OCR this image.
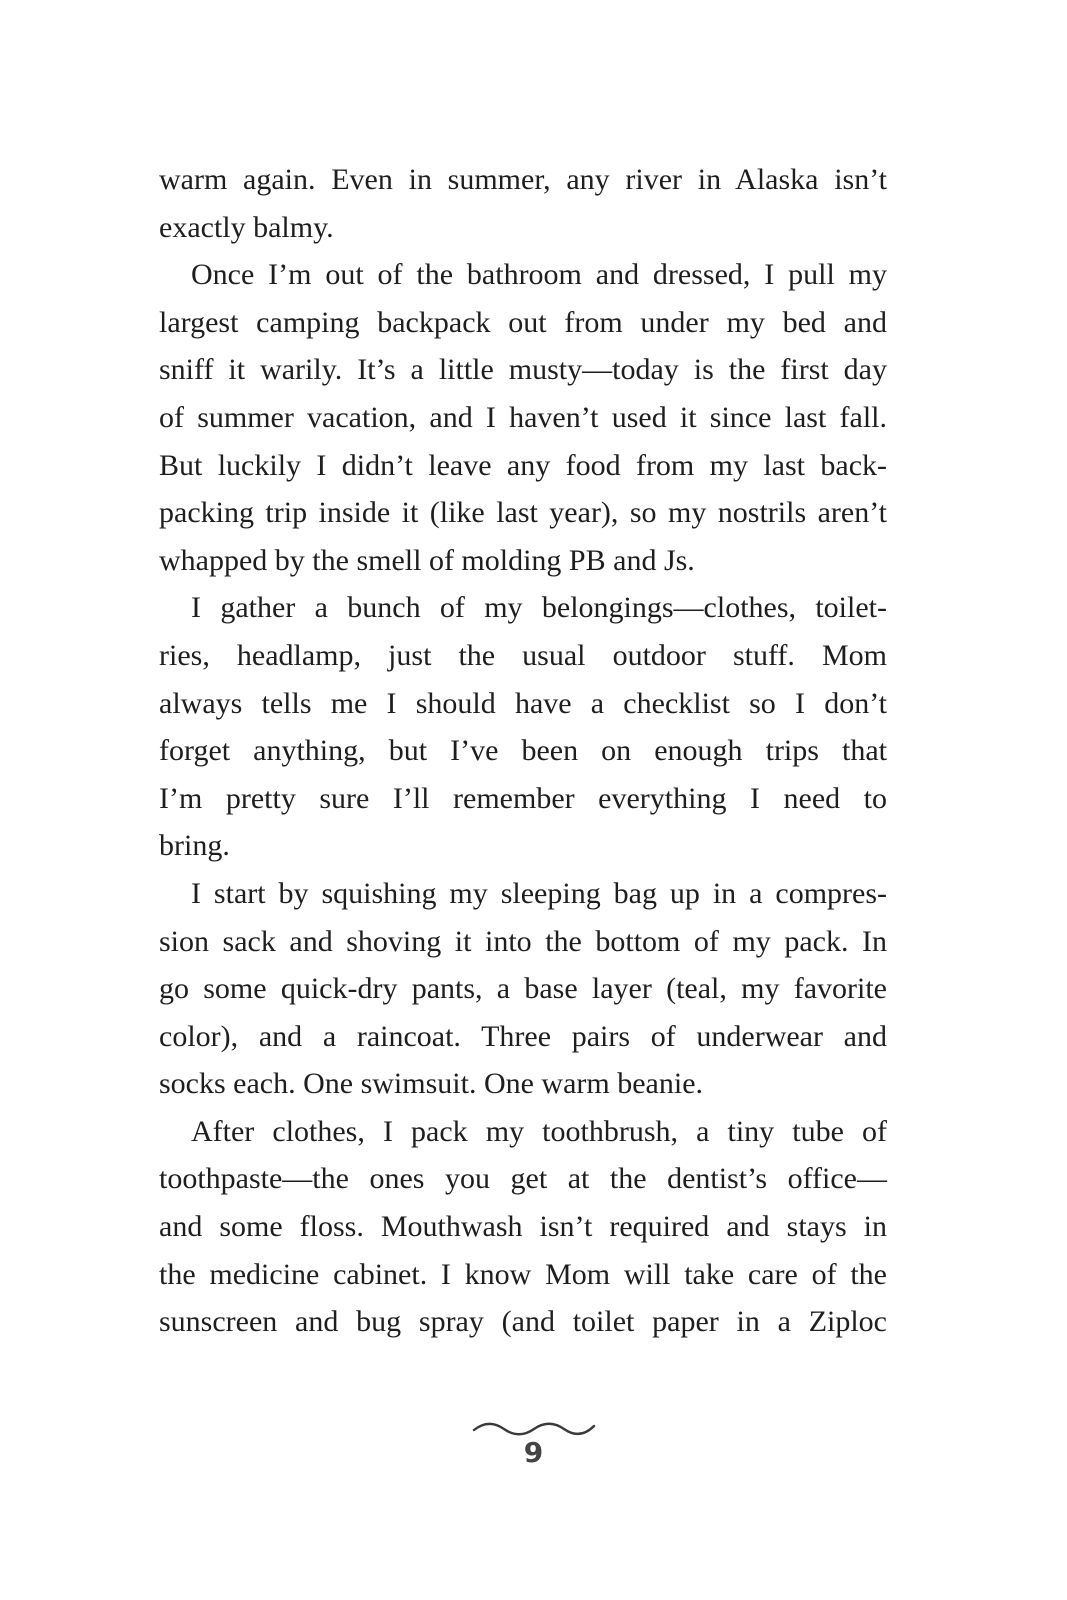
warm again. Even in summer, any river in Alaska isn’t
exactly balmy.
Once I’m out of the bathroom and dressed, I pull my
largest camping backpack out from under my bed and
sniff it warily. It’s a little musty—today is the first day
of summer vacation, and I haven’t used it since last fall.
But luckily I didn’t leave any food from my last back-
packing trip inside it (like last year), so my nostrils aren’t
whapped by the smell of molding PB and Js.
I gather a bunch of my belongings—clothes, toilet-
ries, headlamp, just the usual outdoor stuff. Mom
always tells me I should have a checklist so I don’t
forget anything, but I’ve been on enough trips that
I’m pretty sure I’ll remember everything I need to
bring.
I start by squishing my sleeping bag up in a compres-
sion sack and shoving it into the bottom of my pack. In
go some quick-dry pants, a base layer (teal, my favorite
color), and a raincoat. Three pairs of underwear and
socks each. One swimsuit. One warm beanie.
After clothes, I pack my toothbrush, a tiny tube of
toothpaste—the ones you get at the dentist’s office—
and some floss. Mouthwash isn’t required and stays in
the medicine cabinet. I know Mom will take care of the
sunscreen and bug spray (and toilet paper in a Ziploc
9
